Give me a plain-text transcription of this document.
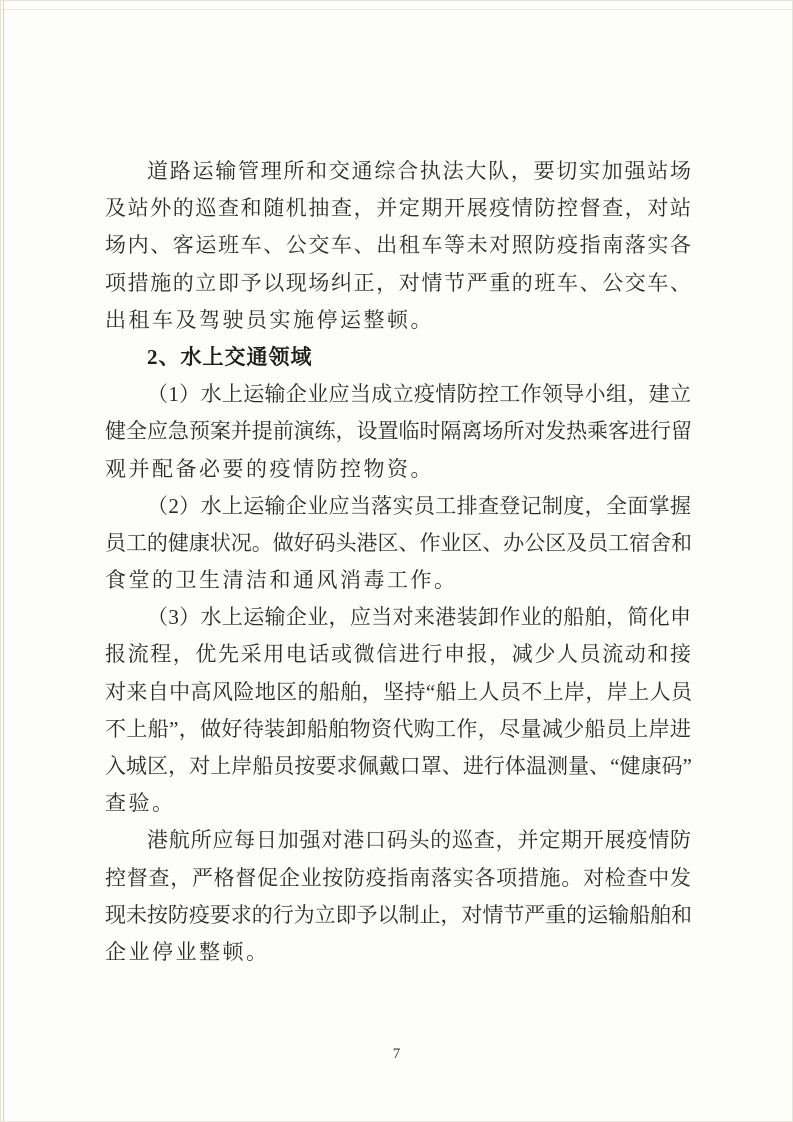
道路运输管理所和交通综合执法大队，要切实加强站场
及站外的巡查和随机抽查，并定期开展疫情防控督查，对站
场内、客运班车、公交车、出租车等未对照防疫指南落实各
项措施的立即予以现场纠正，对情节严重的班车、公交车、
出租车及驾驶员实施停运整顿。
2、水上交通领域
（1）水上运输企业应当成立疫情防控工作领导小组，建立
健全应急预案并提前演练，设置临时隔离场所对发热乘客进行留
观并配备必要的疫情防控物资。
（2）水上运输企业应当落实员工排查登记制度，全面掌握
员工的健康状况。做好码头港区、作业区、办公区及员工宿舍和
食堂的卫生清洁和通风消毒工作。
（3）水上运输企业，应当对来港装卸作业的船舶，简化申
报流程，优先采用电话或微信进行申报，减少人员流动和接
对来自中高风险地区的船舶，坚持“船上人员不上岸，岸上人员
不上船”，做好待装卸船舶物资代购工作，尽量减少船员上岸进
入城区，对上岸船员按要求佩戴口罩、进行体温测量、“健康码”
查验。
港航所应每日加强对港口码头的巡查，并定期开展疫情防
控督查，严格督促企业按防疫指南落实各项措施。对检查中发
现未按防疫要求的行为立即予以制止，对情节严重的运输船舶和
企业停业整顿。
7
